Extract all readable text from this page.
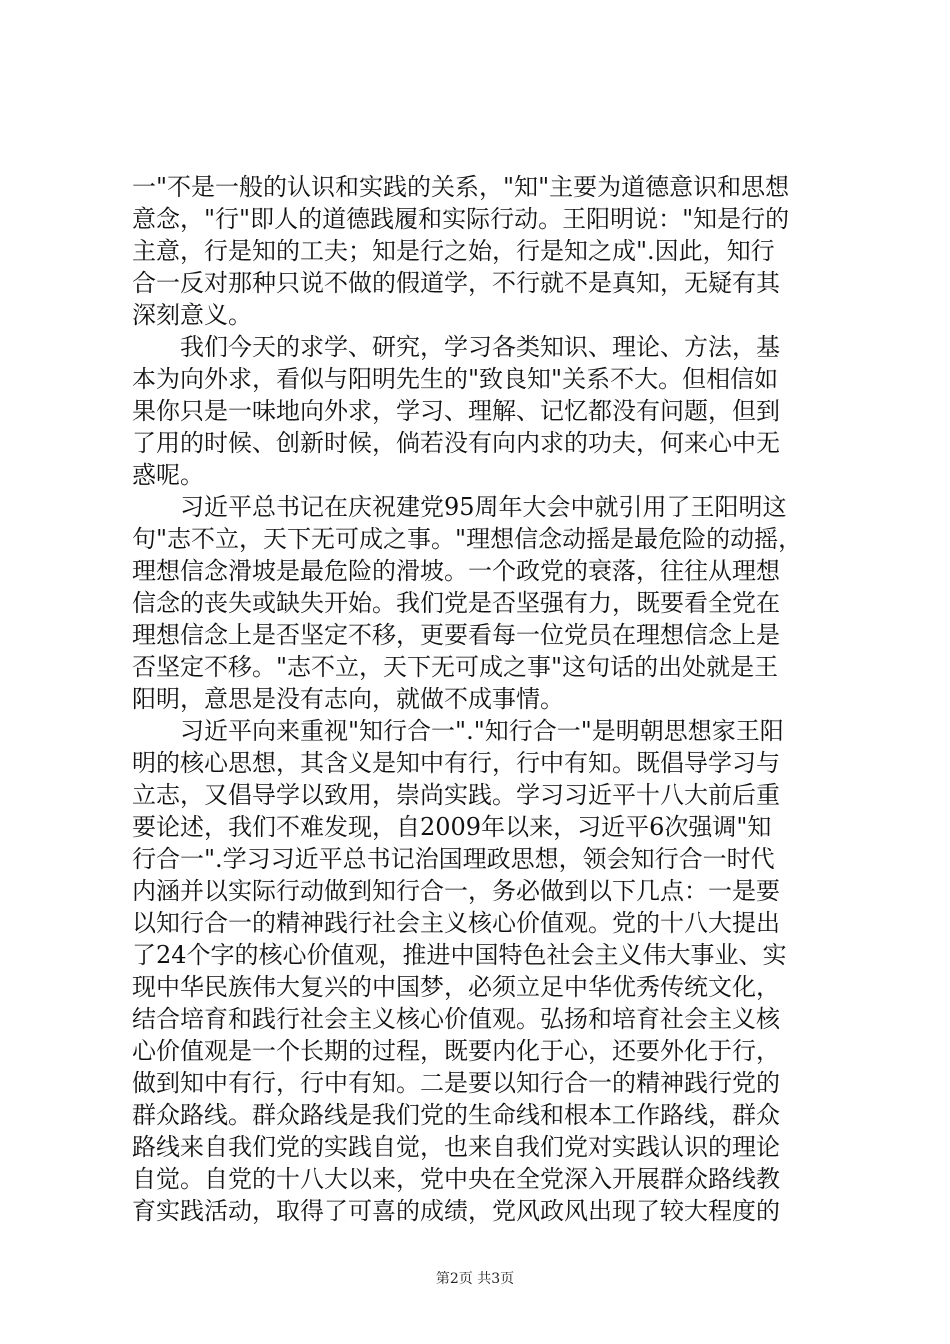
一"不是一般的认识和实践的关系，"知"主要为道德意识和思想
意念，"行"即人的道德践履和实际行动。王阳明说："知是行的
主意，行是知的工夫；知是行之始，行是知之成".因此，知行
合一反对那种只说不做的假道学，不行就不是真知，无疑有其
深刻意义。
我们今天的求学、研究，学习各类知识、理论、方法，基
本为向外求，看似与阳明先生的"致良知"关系不大。但相信如
果你只是一味地向外求，学习、理解、记忆都没有问题，但到
了用的时候、创新时候，倘若没有向内求的功夫，何来心中无
惑呢。
习近平总书记在庆祝建党95周年大会中就引用了王阳明这
句"志不立，天下无可成之事。"理想信念动摇是最危险的动摇，
理想信念滑坡是最危险的滑坡。一个政党的衰落，往往从理想
信念的丧失或缺失开始。我们党是否坚强有力，既要看全党在
理想信念上是否坚定不移，更要看每一位党员在理想信念上是
否坚定不移。"志不立，天下无可成之事"这句话的出处就是王
阳明，意思是没有志向，就做不成事情。
习近平向来重视"知行合一"."知行合一"是明朝思想家王阳
明的核心思想，其含义是知中有行，行中有知。既倡导学习与
立志，又倡导学以致用，崇尚实践。学习习近平十八大前后重
要论述，我们不难发现，自2009年以来，习近平6次强调"知
行合一".学习习近平总书记治国理政思想，领会知行合一时代
内涵并以实际行动做到知行合一，务必做到以下几点：一是要
以知行合一的精神践行社会主义核心价值观。党的十八大提出
了24个字的核心价值观，推进中国特色社会主义伟大事业、实
现中华民族伟大复兴的中国梦，必须立足中华优秀传统文化，
结合培育和践行社会主义核心价值观。弘扬和培育社会主义核
心价值观是一个长期的过程，既要内化于心，还要外化于行，
做到知中有行，行中有知。二是要以知行合一的精神践行党的
群众路线。群众路线是我们党的生命线和根本工作路线，群众
路线来自我们党的实践自觉，也来自我们党对实践认识的理论
自觉。自党的十八大以来，党中央在全党深入开展群众路线教
育实践活动，取得了可喜的成绩，党风政风出现了较大程度的
第2页 共3页
